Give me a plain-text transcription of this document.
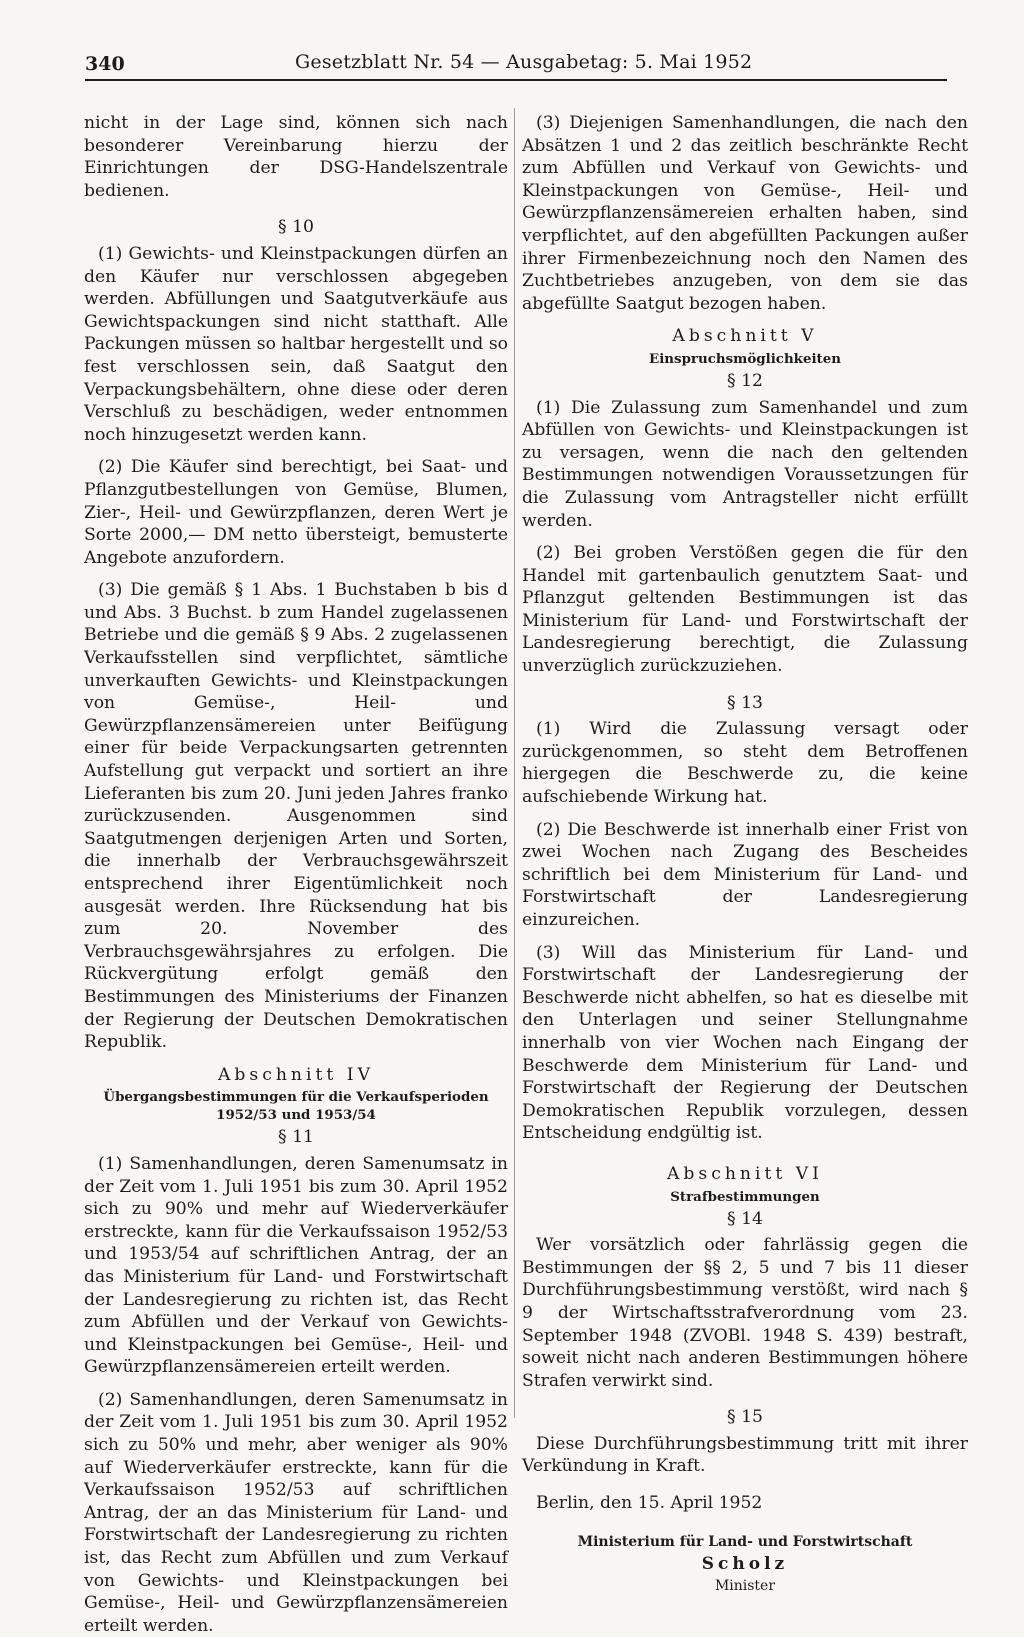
340	Gesetzblatt Nr. 54 — Ausgabetag: 5. Mai 1952

nicht in der Lage sind, können sich nach besonderer Vereinbarung hierzu der Einrichtungen der DSG-Handelszentrale bedienen.

§ 10

(1) Gewichts- und Kleinstpackungen dürfen an den Käufer nur verschlossen abgegeben werden. Abfüllungen und Saatgutverkäufe aus Gewichtspackungen sind nicht statthaft. Alle Packungen müssen so haltbar hergestellt und so fest verschlossen sein, daß Saatgut den Verpackungsbehältern, ohne diese oder deren Verschluß zu beschädigen, weder entnommen noch hinzugesetzt werden kann.

(2) Die Käufer sind berechtigt, bei Saat- und Pflanzgutbestellungen von Gemüse, Blumen, Zier-, Heil- und Gewürzpflanzen, deren Wert je Sorte 2000,— DM netto übersteigt, bemusterte Angebote anzufordern.

(3) Die gemäß § 1 Abs. 1 Buchstaben b bis d und Abs. 3 Buchst. b zum Handel zugelassenen Betriebe und die gemäß § 9 Abs. 2 zugelassenen Verkaufsstellen sind verpflichtet, sämtliche unverkauften Gewichts- und Kleinstpackungen von Gemüse-, Heil- und Gewürzpflanzensämereien unter Beifügung einer für beide Verpackungsarten getrennten Aufstellung gut verpackt und sortiert an ihre Lieferanten bis zum 20. Juni jeden Jahres franko zurückzusenden. Ausgenommen sind Saatgutmengen derjenigen Arten und Sorten, die innerhalb der Verbrauchsgewährszeit entsprechend ihrer Eigentümlichkeit noch ausgesät werden. Ihre Rücksendung hat bis zum 20. November des Verbrauchsgewährsjahres zu erfolgen. Die Rückvergütung erfolgt gemäß den Bestimmungen des Ministeriums der Finanzen der Regierung der Deutschen Demokratischen Republik.

Abschnitt IV
Übergangsbestimmungen für die Verkaufsperioden 1952/53 und 1953/54
§ 11

(1) Samenhandlungen, deren Samenumsatz in der Zeit vom 1. Juli 1951 bis zum 30. April 1952 sich zu 90% und mehr auf Wiederverkäufer erstreckte, kann für die Verkaufssaison 1952/53 und 1953/54 auf schriftlichen Antrag, der an das Ministerium für Land- und Forstwirtschaft der Landesregierung zu richten ist, das Recht zum Abfüllen und der Verkauf von Gewichts- und Kleinstpackungen bei Gemüse-, Heil- und Gewürzpflanzensämereien erteilt werden.

(2) Samenhandlungen, deren Samenumsatz in der Zeit vom 1. Juli 1951 bis zum 30. April 1952 sich zu 50% und mehr, aber weniger als 90% auf Wiederverkäufer erstreckte, kann für die Verkaufssaison 1952/53 auf schriftlichen Antrag, der an das Ministerium für Land- und Forstwirtschaft der Landesregierung zu richten ist, das Recht zum Abfüllen und zum Verkauf von Gewichts- und Kleinstpackungen bei Gemüse-, Heil- und Gewürzpflanzensämereien erteilt werden.

(3) Diejenigen Samenhandlungen, die nach den Absätzen 1 und 2 das zeitlich beschränkte Recht zum Abfüllen und Verkauf von Gewichts- und Kleinstpackungen von Gemüse-, Heil- und Gewürzpflanzensämereien erhalten haben, sind verpflichtet, auf den abgefüllten Packungen außer ihrer Firmenbezeichnung noch den Namen des Zuchtbetriebes anzugeben, von dem sie das abgefüllte Saatgut bezogen haben.

Abschnitt V
Einspruchsmöglichkeiten
§ 12

(1) Die Zulassung zum Samenhandel und zum Abfüllen von Gewichts- und Kleinstpackungen ist zu versagen, wenn die nach den geltenden Bestimmungen notwendigen Voraussetzungen für die Zulassung vom Antragsteller nicht erfüllt werden.

(2) Bei groben Verstößen gegen die für den Handel mit gartenbaulich genutztem Saat- und Pflanzgut geltenden Bestimmungen ist das Ministerium für Land- und Forstwirtschaft der Landesregierung berechtigt, die Zulassung unverzüglich zurückzuziehen.

§ 13

(1) Wird die Zulassung versagt oder zurückgenommen, so steht dem Betroffenen hiergegen die Beschwerde zu, die keine aufschiebende Wirkung hat.

(2) Die Beschwerde ist innerhalb einer Frist von zwei Wochen nach Zugang des Bescheides schriftlich bei dem Ministerium für Land- und Forstwirtschaft der Landesregierung einzureichen.

(3) Will das Ministerium für Land- und Forstwirtschaft der Landesregierung der Beschwerde nicht abhelfen, so hat es dieselbe mit den Unterlagen und seiner Stellungnahme innerhalb von vier Wochen nach Eingang der Beschwerde dem Ministerium für Land- und Forstwirtschaft der Regierung der Deutschen Demokratischen Republik vorzulegen, dessen Entscheidung endgültig ist.

Abschnitt VI
Strafbestimmungen
§ 14

Wer vorsätzlich oder fahrlässig gegen die Bestimmungen der §§ 2, 5 und 7 bis 11 dieser Durchführungsbestimmung verstößt, wird nach § 9 der Wirtschaftsstrafverordnung vom 23. September 1948 (ZVOBl. 1948 S. 439) bestraft, soweit nicht nach anderen Bestimmungen höhere Strafen verwirkt sind.

§ 15

Diese Durchführungsbestimmung tritt mit ihrer Verkündung in Kraft.

Berlin, den 15. April 1952

Ministerium für Land- und Forstwirtschaft
Scholz
Minister
